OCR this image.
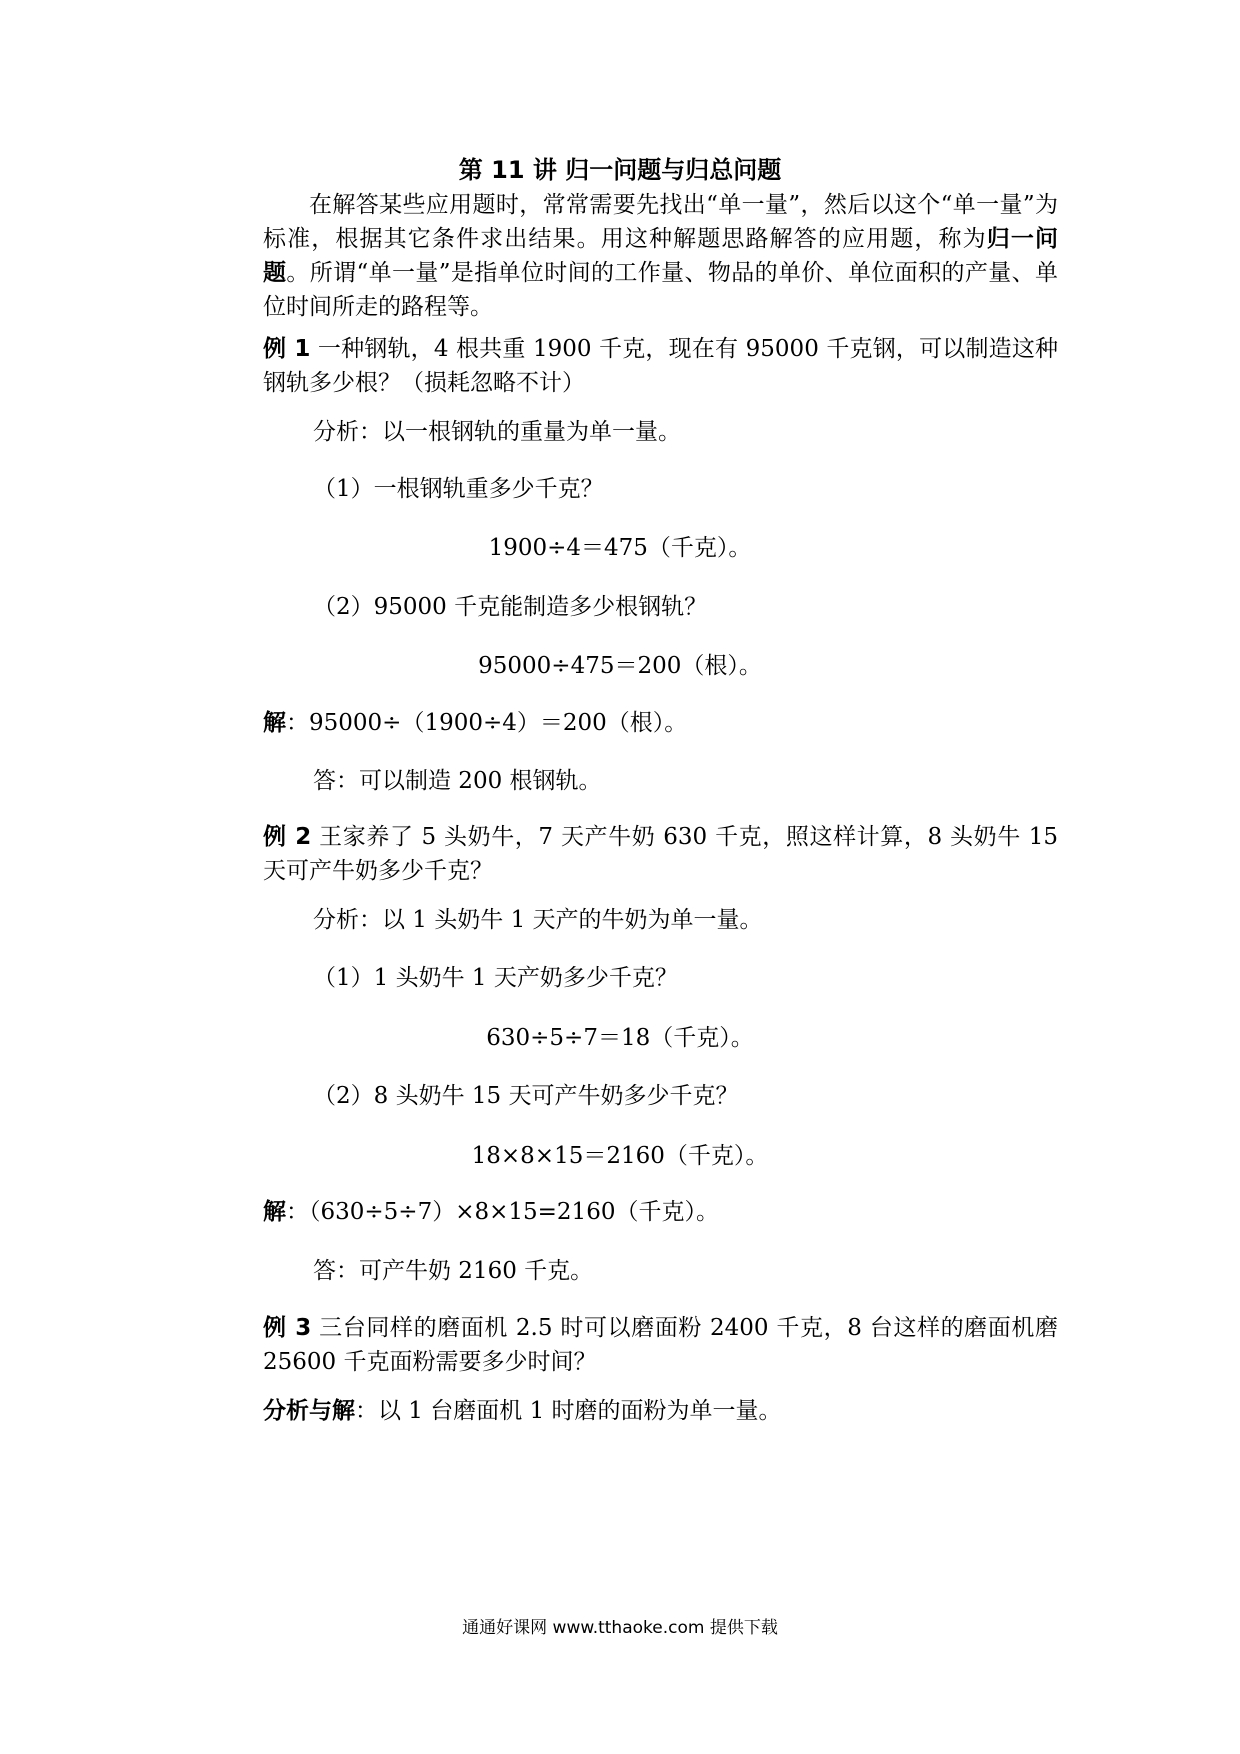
第 11 讲 归一问题与归总问题
在解答某些应用题时，常常需要先找出“单一量”，然后以这个“单一量”为标准，根据其它条件求出结果。用这种解题思路解答的应用题，称为归一问题。所谓“单一量”是指单位时间的工作量、物品的单价、单位面积的产量、单位时间所走的路程等。
例 1 一种钢轨，4 根共重 1900 千克，现在有 95000 千克钢，可以制造这种钢轨多少根？（损耗忽略不计）
分析：以一根钢轨的重量为单一量。
（1）一根钢轨重多少千克？
1900÷4＝475（千克）。
（2）95000 千克能制造多少根钢轨？
95000÷475＝200（根）。
解：95000÷（1900÷4）＝200（根）。
答：可以制造 200 根钢轨。
例 2 王家养了 5 头奶牛，7 天产牛奶 630 千克，照这样计算，8 头奶牛 15 天可产牛奶多少千克？
分析：以 1 头奶牛 1 天产的牛奶为单一量。
（1）1 头奶牛 1 天产奶多少千克？
630÷5÷7＝18（千克）。
（2）8 头奶牛 15 天可产牛奶多少千克？
18×8×15＝2160（千克）。
解：（630÷5÷7）×8×15=2160（千克）。
答：可产牛奶 2160 千克。
例 3 三台同样的磨面机 2.5 时可以磨面粉 2400 千克，8 台这样的磨面机磨 25600 千克面粉需要多少时间？
分析与解：以 1 台磨面机 1 时磨的面粉为单一量。
通通好课网 www.tthaoke.com 提供下载
